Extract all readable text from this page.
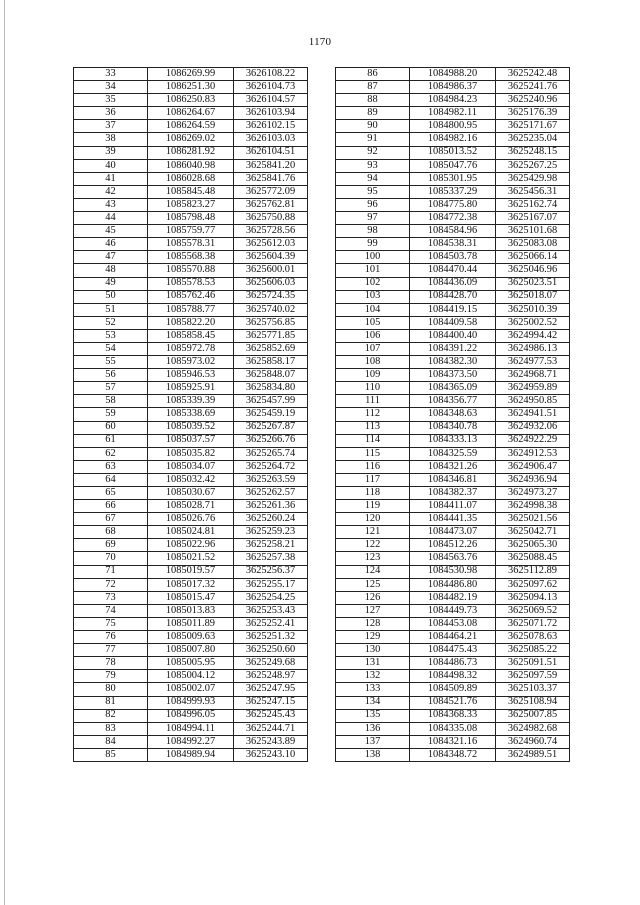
1170
33	1086269.99	3626108.22
34	1086251.30	3626104.73
35	1086250.83	3626104.57
36	1086264.67	3626103.94
37	1086264.59	3626102.15
38	1086269.02	3626103.03
39	1086281.92	3626104.51
40	1086040.98	3625841.20
41	1086028.68	3625841.76
42	1085845.48	3625772.09
43	1085823.27	3625762.81
44	1085798.48	3625750.88
45	1085759.77	3625728.56
46	1085578.31	3625612.03
47	1085568.38	3625604.39
48	1085570.88	3625600.01
49	1085578.53	3625606.03
50	1085762.46	3625724.35
51	1085788.77	3625740.02
52	1085822.20	3625756.85
53	1085858.45	3625771.85
54	1085972.78	3625852.69
55	1085973.02	3625858.17
56	1085946.53	3625848.07
57	1085925.91	3625834.80
58	1085339.39	3625457.99
59	1085338.69	3625459.19
60	1085039.52	3625267.87
61	1085037.57	3625266.76
62	1085035.82	3625265.74
63	1085034.07	3625264.72
64	1085032.42	3625263.59
65	1085030.67	3625262.57
66	1085028.71	3625261.36
67	1085026.76	3625260.24
68	1085024.81	3625259.23
69	1085022.96	3625258.21
70	1085021.52	3625257.38
71	1085019.57	3625256.37
72	1085017.32	3625255.17
73	1085015.47	3625254.25
74	1085013.83	3625253.43
75	1085011.89	3625252.41
76	1085009.63	3625251.32
77	1085007.80	3625250.60
78	1085005.95	3625249.68
79	1085004.12	3625248.97
80	1085002.07	3625247.95
81	1084999.93	3625247.15
82	1084996.05	3625245.43
83	1084994.11	3625244.71
84	1084992.27	3625243.89
85	1084989.94	3625243.10
86	1084988.20	3625242.48
87	1084986.37	3625241.76
88	1084984.23	3625240.96
89	1084982.11	3625176.39
90	1084800.95	3625171.67
91	1084982.16	3625235.04
92	1085013.52	3625248.15
93	1085047.76	3625267.25
94	1085301.95	3625429.98
95	1085337.29	3625456.31
96	1084775.80	3625162.74
97	1084772.38	3625167.07
98	1084584.96	3625101.68
99	1084538.31	3625083.08
100	1084503.78	3625066.14
101	1084470.44	3625046.96
102	1084436.09	3625023.51
103	1084428.70	3625018.07
104	1084419.15	3625010.39
105	1084409.58	3625002.52
106	1084400.40	3624994.42
107	1084391.22	3624986.13
108	1084382.30	3624977.53
109	1084373.50	3624968.71
110	1084365.09	3624959.89
111	1084356.77	3624950.85
112	1084348.63	3624941.51
113	1084340.78	3624932.06
114	1084333.13	3624922.29
115	1084325.59	3624912.53
116	1084321.26	3624906.47
117	1084346.81	3624936.94
118	1084382.37	3624973.27
119	1084411.07	3624998.38
120	1084441.35	3625021.56
121	1084473.07	3625042.71
122	1084512.26	3625065.30
123	1084563.76	3625088.45
124	1084530.98	3625112.89
125	1084486.80	3625097.62
126	1084482.19	3625094.13
127	1084449.73	3625069.52
128	1084453.08	3625071.72
129	1084464.21	3625078.63
130	1084475.43	3625085.22
131	1084486.73	3625091.51
132	1084498.32	3625097.59
133	1084509.89	3625103.37
134	1084521.76	3625108.94
135	1084368.33	3625007.85
136	1084335.08	3624982.68
137	1084321.16	3624960.74
138	1084348.72	3624989.51
